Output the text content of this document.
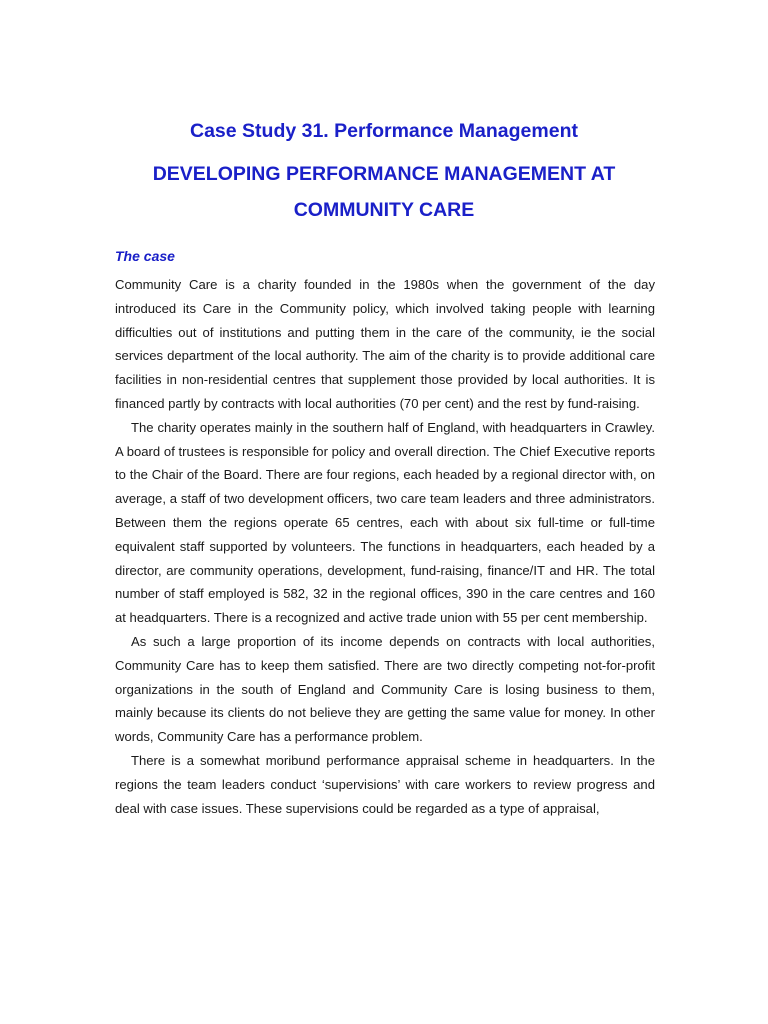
Case Study 31. Performance Management
DEVELOPING PERFORMANCE MANAGEMENT AT
COMMUNITY CARE
The case

Community Care is a charity founded in the 1980s when the government of the day introduced its Care in the Community policy, which involved taking people with learning difficulties out of institutions and putting them in the care of the community, ie the social services department of the local authority. The aim of the charity is to provide additional care facilities in non-residential centres that supplement those provided by local authorities. It is financed partly by contracts with local authorities (70 per cent) and the rest by fund-raising.

The charity operates mainly in the southern half of England, with headquarters in Crawley. A board of trustees is responsible for policy and overall direction. The Chief Executive reports to the Chair of the Board. There are four regions, each headed by a regional director with, on average, a staff of two development officers, two care team leaders and three administrators. Between them the regions operate 65 centres, each with about six full-time or full-time equivalent staff supported by volunteers. The functions in headquarters, each headed by a director, are community operations, development, fund-raising, finance/IT and HR. The total number of staff employed is 582, 32 in the regional offices, 390 in the care centres and 160 at headquarters. There is a recognized and active trade union with 55 per cent membership.

As such a large proportion of its income depends on contracts with local authorities, Community Care has to keep them satisfied. There are two directly competing not-for-profit organizations in the south of England and Community Care is losing business to them, mainly because its clients do not believe they are getting the same value for money. In other words, Community Care has a performance problem.

There is a somewhat moribund performance appraisal scheme in headquarters. In the regions the team leaders conduct ‘supervisions’ with care workers to review progress and deal with case issues. These supervisions could be regarded as a type of appraisal,
